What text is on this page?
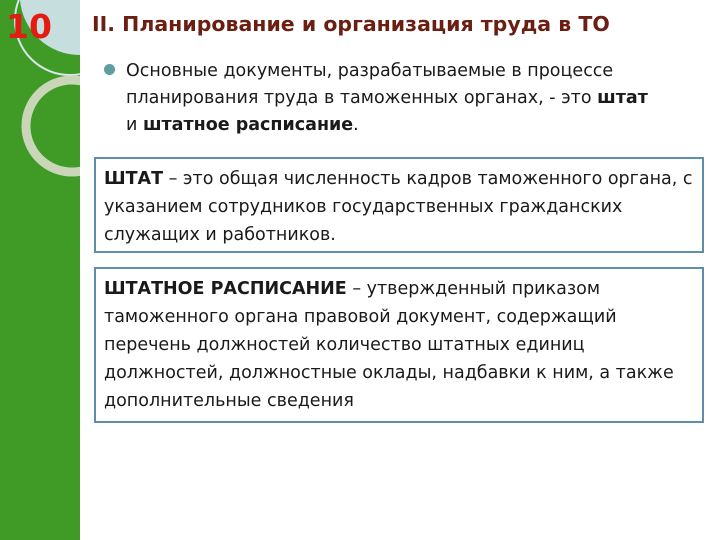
10 II. Планирование и организация труда в ТО

Основные документы, разрабатываемые в процессе планирования труда в таможенных органах, - это штат и штатное расписание.

ШТАТ – это общая численность кадров таможенного органа, с указанием сотрудников государственных гражданских служащих и работников.

ШТАТНОЕ РАСПИСАНИЕ – утвержденный приказом таможенного органа правовой документ, содержащий перечень должностей количество штатных единиц должностей, должностные оклады, надбавки к ним, а также дополнительные сведения
